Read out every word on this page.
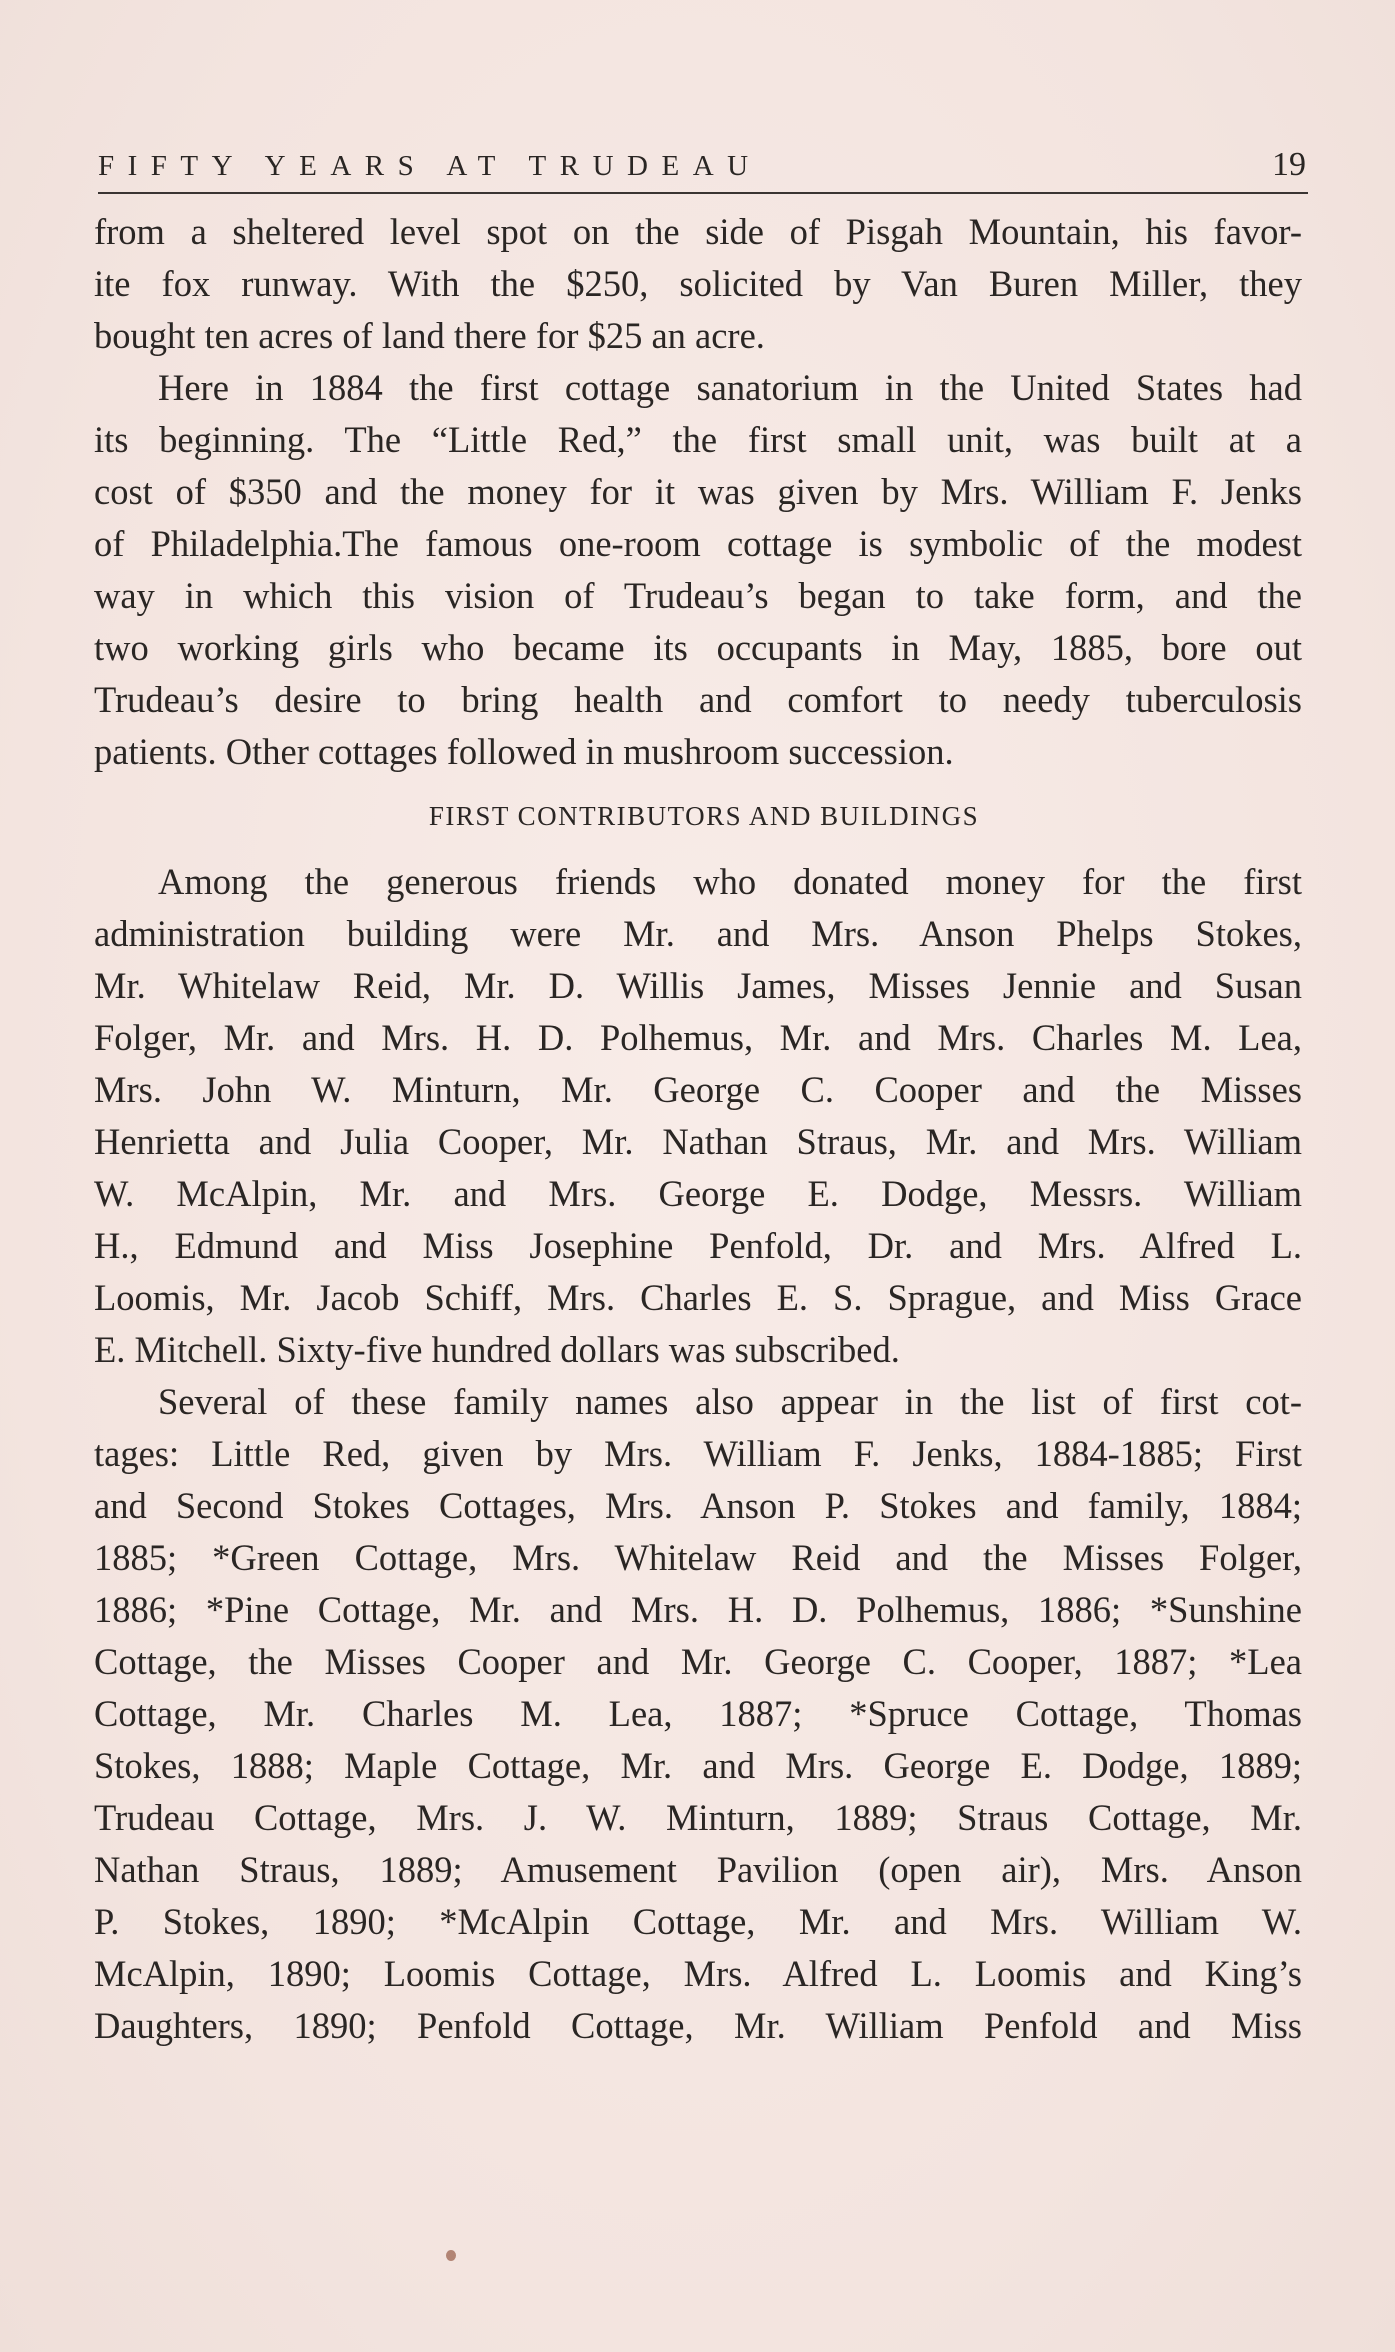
FIFTY YEARS AT TRUDEAU	19
from a sheltered level spot on the side of Pisgah Mountain, his favor-
ite fox runway. With the $250, solicited by Van Buren Miller, they
bought ten acres of land there for $25 an acre.
Here in 1884 the first cottage sanatorium in the United States had
its beginning. The “Little Red,” the first small unit, was built at a
cost of $350 and the money for it was given by Mrs. William F. Jenks
of Philadelphia.The famous one-room cottage is symbolic of the modest
way in which this vision of Trudeau’s began to take form, and the
two working girls who became its occupants in May, 1885, bore out
Trudeau’s desire to bring health and comfort to needy tuberculosis
patients. Other cottages followed in mushroom succession.
FIRST CONTRIBUTORS AND BUILDINGS
Among the generous friends who donated money for the first
administration building were Mr. and Mrs. Anson Phelps Stokes,
Mr. Whitelaw Reid, Mr. D. Willis James, Misses Jennie and Susan
Folger, Mr. and Mrs. H. D. Polhemus, Mr. and Mrs. Charles M. Lea,
Mrs. John W. Minturn, Mr. George C. Cooper and the Misses
Henrietta and Julia Cooper, Mr. Nathan Straus, Mr. and Mrs. William
W. McAlpin, Mr. and Mrs. George E. Dodge, Messrs. William
H., Edmund and Miss Josephine Penfold, Dr. and Mrs. Alfred L.
Loomis, Mr. Jacob Schiff, Mrs. Charles E. S. Sprague, and Miss Grace
E. Mitchell. Sixty-five hundred dollars was subscribed.
Several of these family names also appear in the list of first cot-
tages: Little Red, given by Mrs. William F. Jenks, 1884-1885; First
and Second Stokes Cottages, Mrs. Anson P. Stokes and family, 1884;
1885; *Green Cottage, Mrs. Whitelaw Reid and the Misses Folger,
1886; *Pine Cottage, Mr. and Mrs. H. D. Polhemus, 1886; *Sunshine
Cottage, the Misses Cooper and Mr. George C. Cooper, 1887; *Lea
Cottage, Mr. Charles M. Lea, 1887; *Spruce Cottage, Thomas
Stokes, 1888; Maple Cottage, Mr. and Mrs. George E. Dodge, 1889;
Trudeau Cottage, Mrs. J. W. Minturn, 1889; Straus Cottage, Mr.
Nathan Straus, 1889; Amusement Pavilion (open air), Mrs. Anson
P. Stokes, 1890; *McAlpin Cottage, Mr. and Mrs. William W.
McAlpin, 1890; Loomis Cottage, Mrs. Alfred L. Loomis and King’s
Daughters, 1890; Penfold Cottage, Mr. William Penfold and Miss
